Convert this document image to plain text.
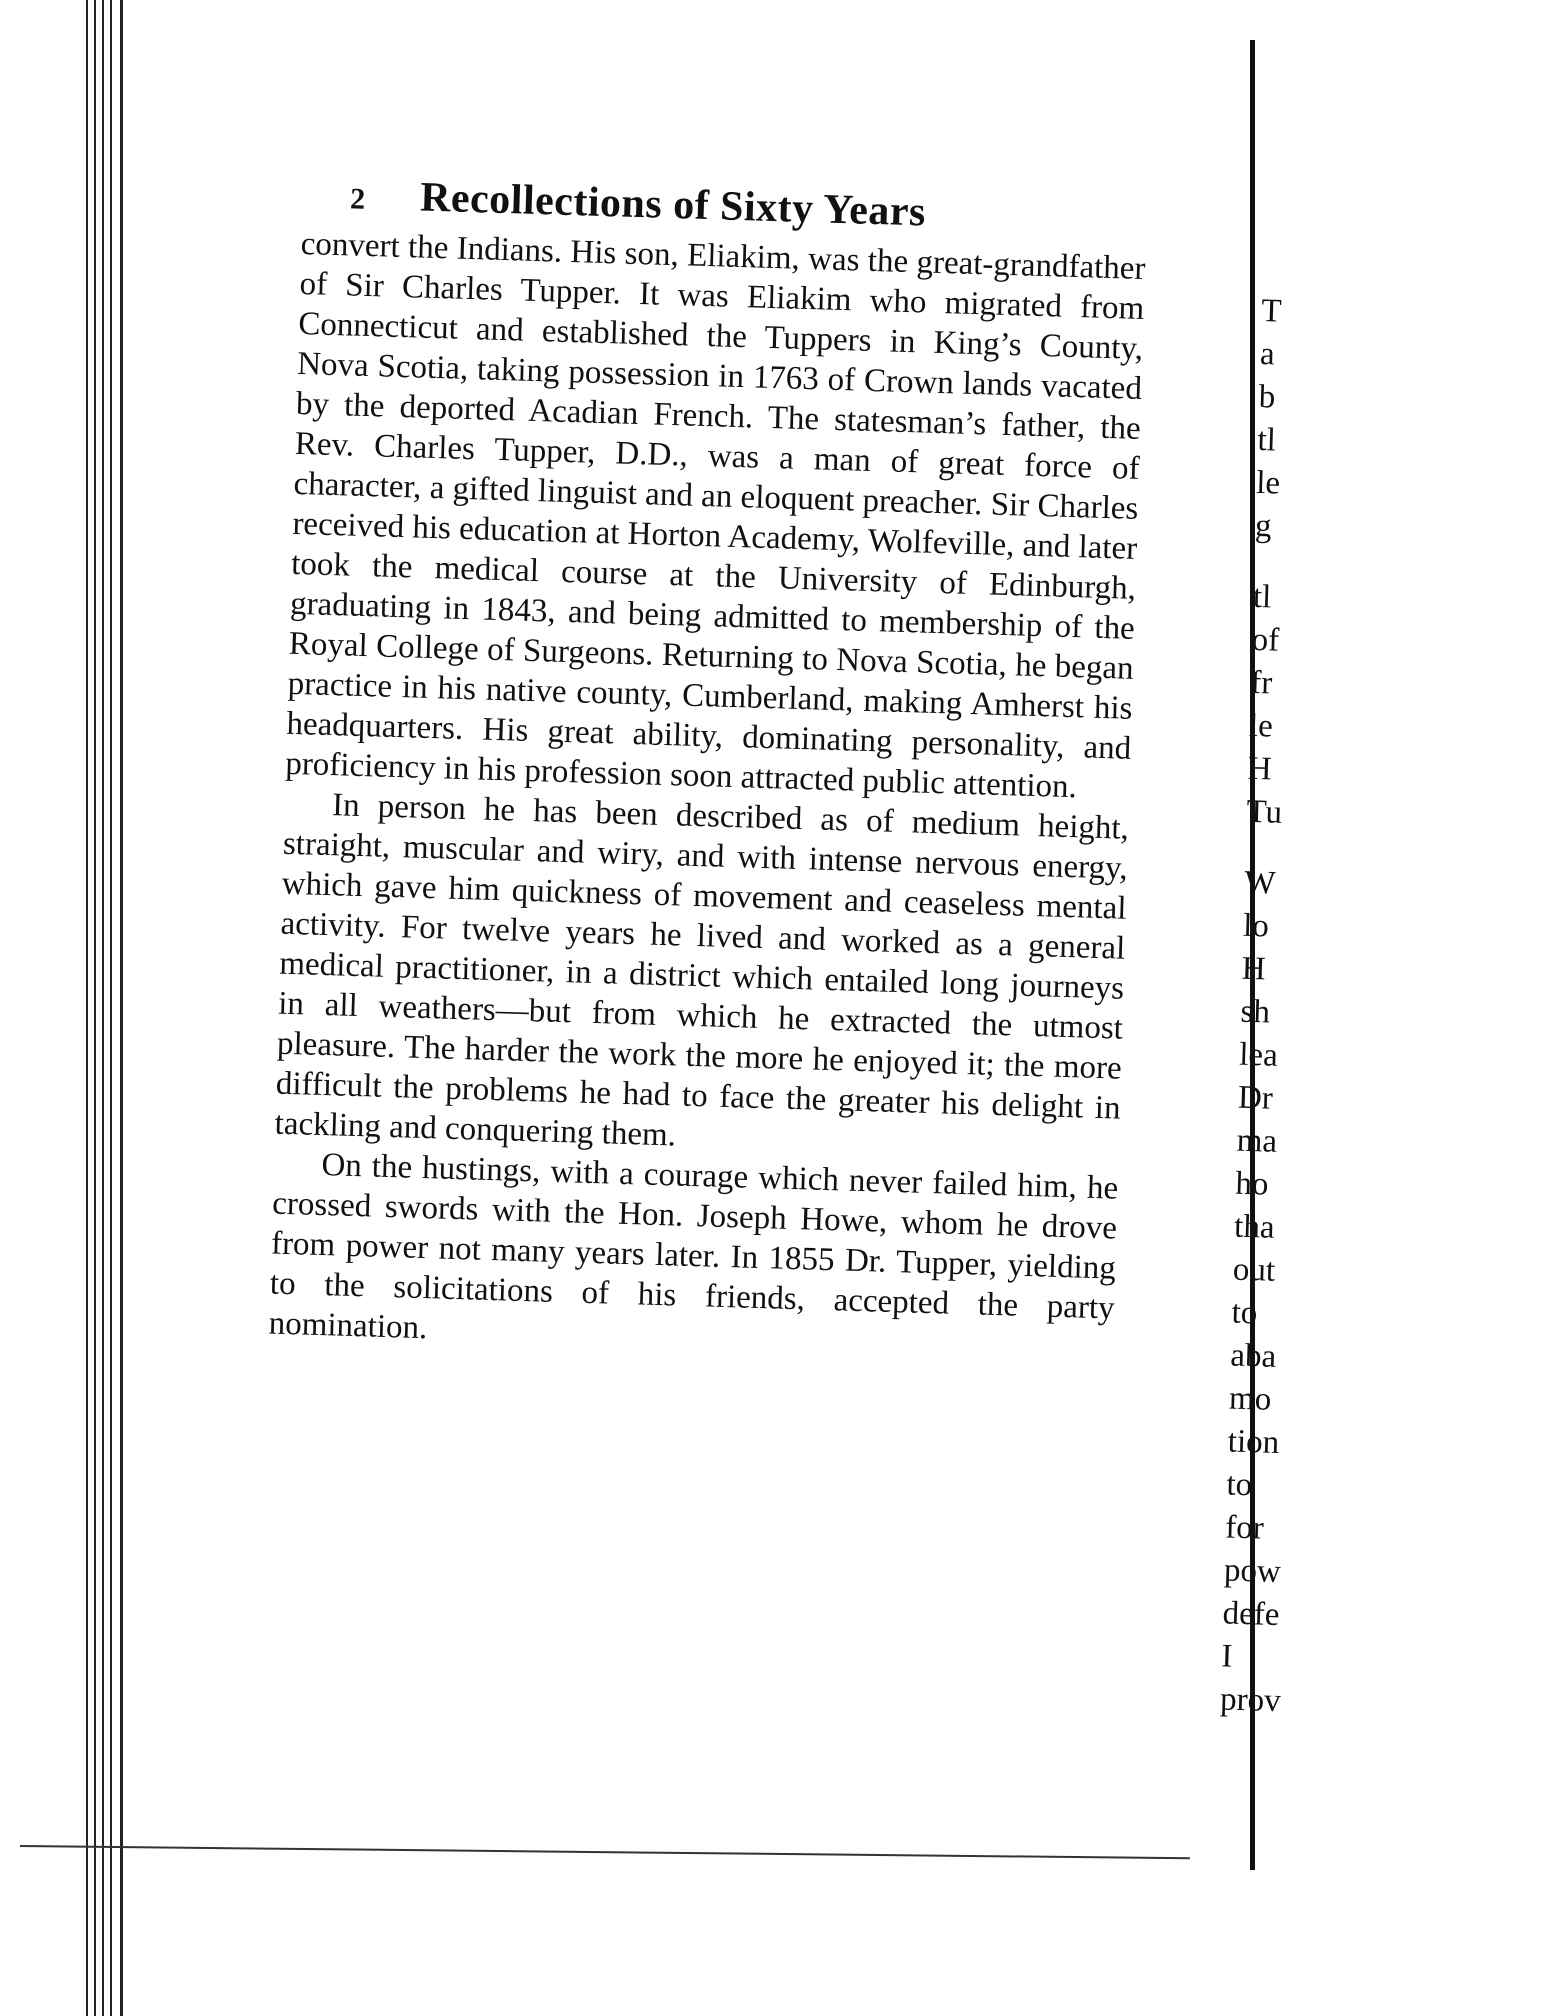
2	Recollections of Sixty Years

convert the Indians. His son, Eliakim, was the great-grandfather of Sir Charles Tupper. It was Eliakim who migrated from Connecticut and established the Tuppers in King’s County, Nova Scotia, taking possession in 1763 of Crown lands vacated by the deported Acadian French. The statesman’s father, the Rev. Charles Tupper, D.D., was a man of great force of character, a gifted linguist and an eloquent preacher. Sir Charles received his education at Horton Academy, Wolfeville, and later took the medical course at the University of Edinburgh, graduating in 1843, and being admitted to membership of the Royal College of Surgeons. Returning to Nova Scotia, he began practice in his native county, Cumberland, making Amherst his headquarters. His great ability, dominating personality, and proficiency in his profession soon attracted public attention.

In person he has been described as of medium height, straight, muscular and wiry, and with intense nervous energy, which gave him quickness of movement and ceaseless mental activity. For twelve years he lived and worked as a general medical practitioner, in a district which entailed long journeys in all weathers—but from which he extracted the utmost pleasure. The harder the work the more he enjoyed it; the more difficult the problems he had to face the greater his delight in tackling and conquering them.

On the hustings, with a courage which never failed him, he crossed swords with the Hon. Joseph Howe, whom he drove from power not many years later. In 1855 Dr. Tupper, yielding to the solicitations of his friends, accepted the party nomination.

T
a
b
tl
le
g
tl
of
fr
le
H
Tu
W
lo
H
sh
lea
Dr
ma
ho
tha
out
to
aba
mo
tion
to
for
pow
defe
I
prov
